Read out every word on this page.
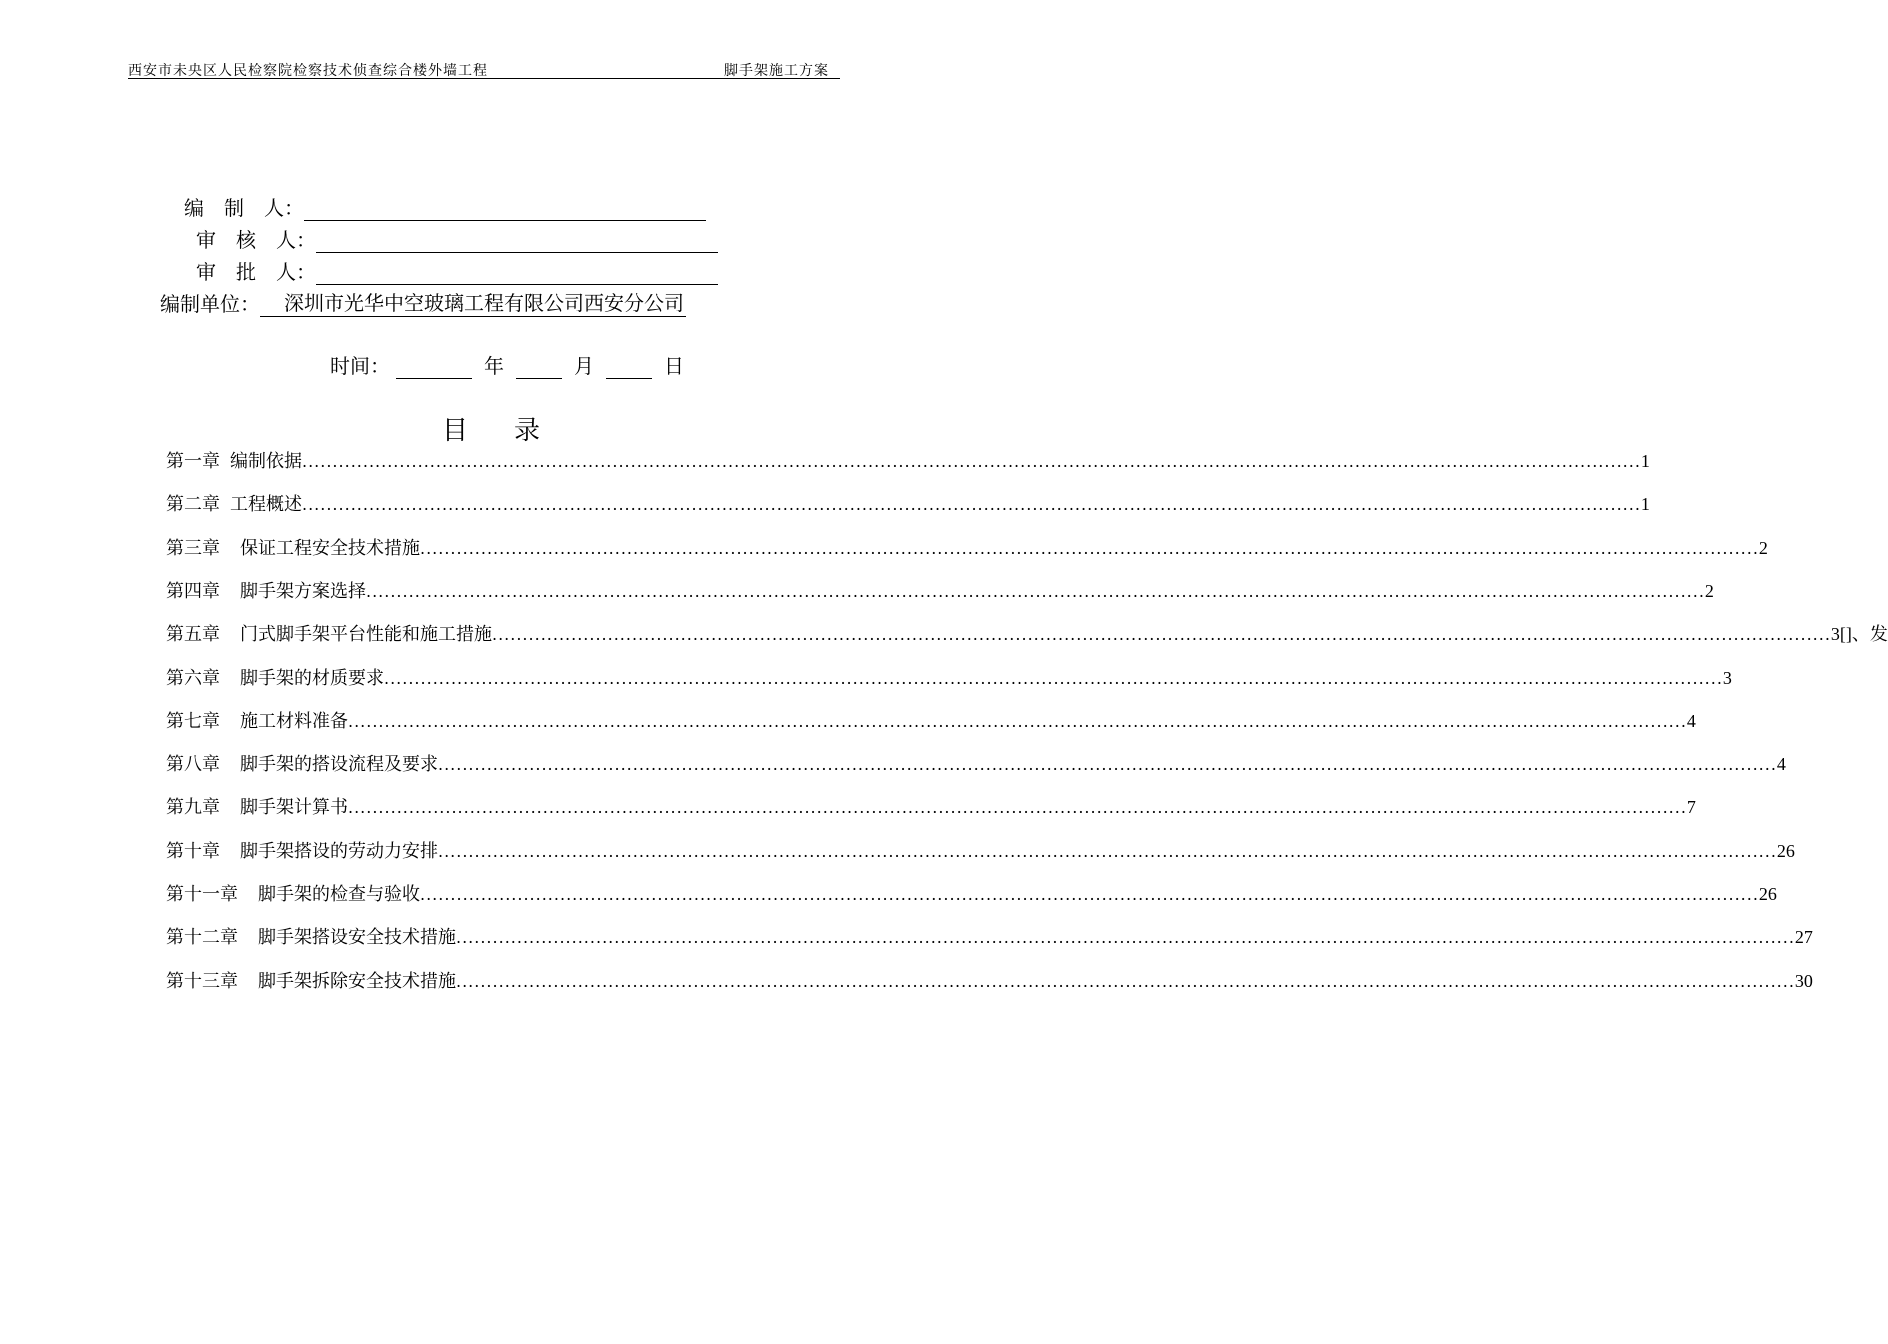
西安市未央区人民检察院检察技术侦查综合楼外墙工程	脚手架施工方案
编　制　人：
审　核　人：
审　批　人：
编制单位：	深圳市光华中空玻璃工程有限公司西安分公司
时间：	年	月	日
目录
第一章 编制依据 ............................................................................................................................................................................................................................ 1
第二章 工程概述 ............................................................................................................................................................................................................................ 1
第三章 保证工程安全技术措施 ............................................................................................................................................................................................................................ 2
第四章 脚手架方案选择 ............................................................................................................................................................................................................................ 2
第五章 门式脚手架平台性能和施工措施 ............................................................................................................................................................................................................................ 3[]、发
第六章 脚手架的材质要求 ............................................................................................................................................................................................................................ 3
第七章 施工材料准备 ............................................................................................................................................................................................................................ 4
第八章 脚手架的搭设流程及要求 ............................................................................................................................................................................................................................ 4
第九章 脚手架计算书 ............................................................................................................................................................................................................................ 7
第十章 脚手架搭设的劳动力安排 ............................................................................................................................................................................................................................ 26
第十一章 脚手架的检查与验收 ............................................................................................................................................................................................................................ 26
第十二章 脚手架搭设安全技术措施 ............................................................................................................................................................................................................................ 27
第十三章 脚手架拆除安全技术措施 ............................................................................................................................................................................................................................ 30
